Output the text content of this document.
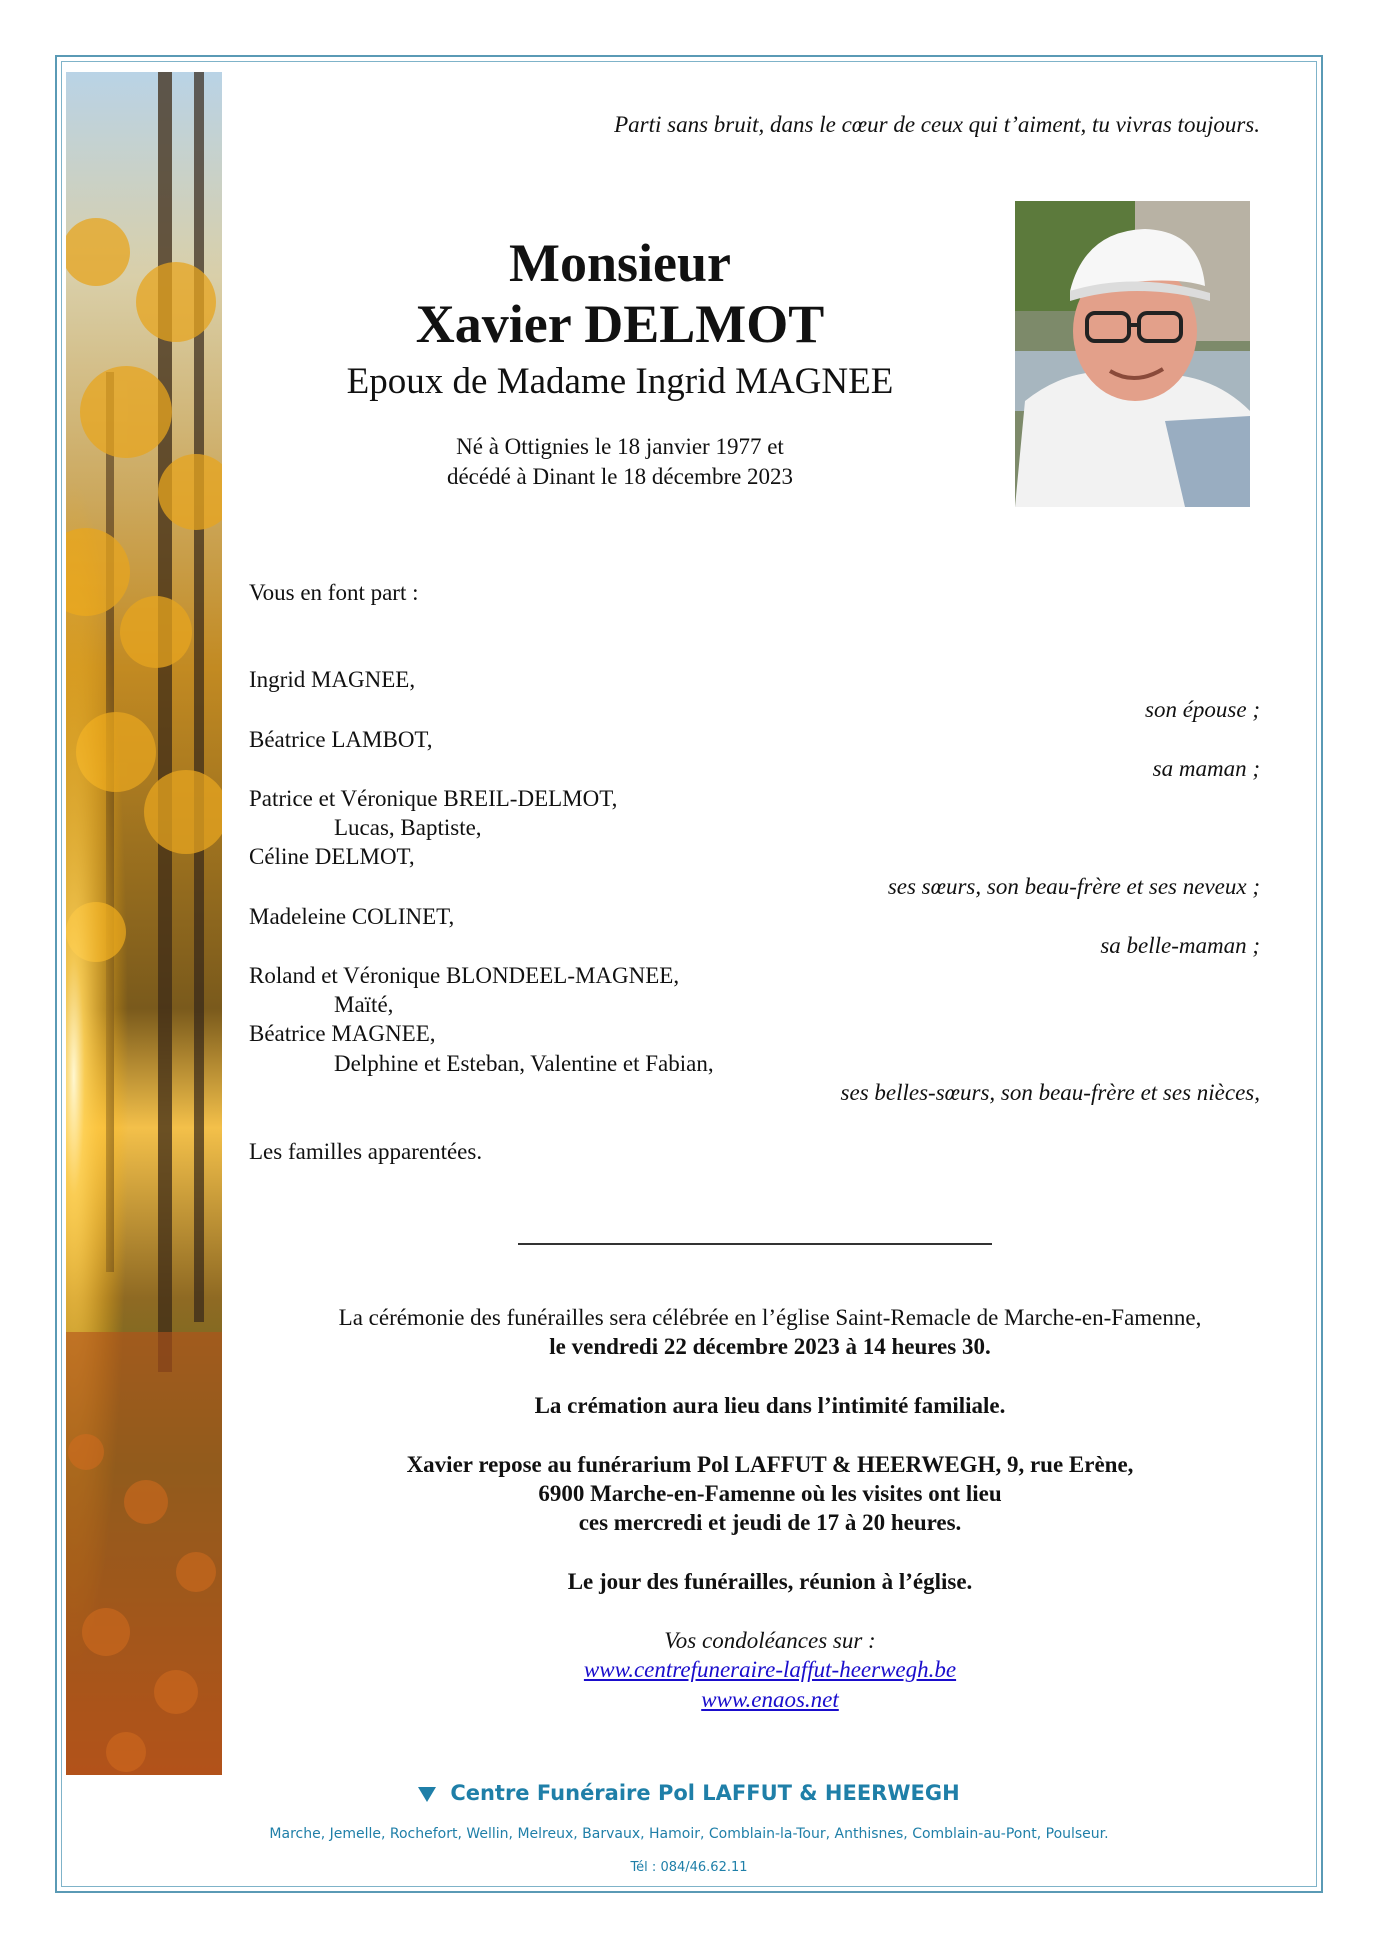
Parti sans bruit, dans le cœur de ceux qui t’aiment, tu vivras toujours.
Monsieur
Xavier DELMOT
Epoux de Madame Ingrid MAGNEE
Né à Ottignies le 18 janvier 1977 et
décédé à Dinant le 18 décembre 2023
Vous en font part :
Ingrid MAGNEE,
son épouse ;
Béatrice LAMBOT,
sa maman ;
Patrice et Véronique BREIL-DELMOT,
Lucas, Baptiste,
Céline DELMOT,
ses sœurs, son beau-frère et ses neveux ;
Madeleine COLINET,
sa belle-maman ;
Roland et Véronique BLONDEEL-MAGNEE,
Maïté,
Béatrice MAGNEE,
Delphine et Esteban, Valentine et Fabian,
ses belles-sœurs, son beau-frère et ses nièces,
Les familles apparentées.
La cérémonie des funérailles sera célébrée en l’église Saint-Remacle de Marche-en-Famenne,
le vendredi 22 décembre 2023 à 14 heures 30.
La crémation aura lieu dans l’intimité familiale.
Xavier repose au funérarium Pol LAFFUT & HEERWEGH, 9, rue Erène,
6900 Marche-en-Famenne où les visites ont lieu
ces mercredi et jeudi de 17 à 20 heures.
Le jour des funérailles, réunion à l’église.
Vos condoléances sur :
www.centrefuneraire-laffut-heerwegh.be
www.enaos.net
Centre Funéraire Pol LAFFUT & HEERWEGH
Marche, Jemelle, Rochefort, Wellin, Melreux, Barvaux, Hamoir, Comblain-la-Tour, Anthisnes, Comblain-au-Pont, Poulseur.
Tél : 084/46.62.11
